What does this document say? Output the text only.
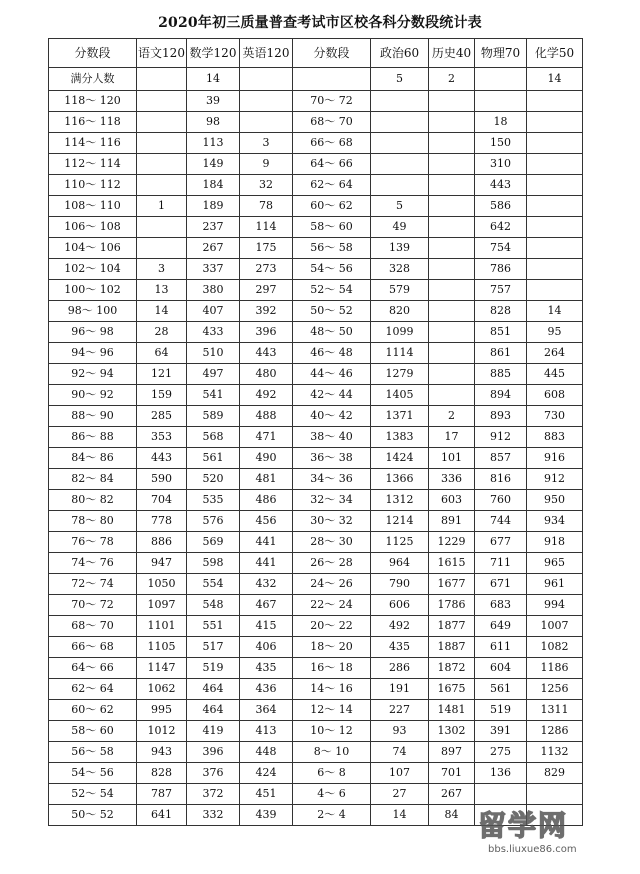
2020年初三质量普查考试市区校各科分数段统计表
分数段	语文120	数学120	英语120	分数段	政治60	历史40	物理70	化学50
满分人数		14			5	2		14
118～ 120		39		70～ 72				
116～ 118		98		68～ 70			18	
114～ 116		113	3	66～ 68			150	
112～ 114		149	9	64～ 66			310	
110～ 112		184	32	62～ 64			443	
108～ 110	1	189	78	60～ 62	5		586	
106～ 108		237	114	58～ 60	49		642	
104～ 106		267	175	56～ 58	139		754	
102～ 104	3	337	273	54～ 56	328		786	
100～ 102	13	380	297	52～ 54	579		757	
98～ 100	14	407	392	50～ 52	820		828	14
96～ 98	28	433	396	48～ 50	1099		851	95
94～ 96	64	510	443	46～ 48	1114		861	264
92～ 94	121	497	480	44～ 46	1279		885	445
90～ 92	159	541	492	42～ 44	1405		894	608
88～ 90	285	589	488	40～ 42	1371	2	893	730
86～ 88	353	568	471	38～ 40	1383	17	912	883
84～ 86	443	561	490	36～ 38	1424	101	857	916
82～ 84	590	520	481	34～ 36	1366	336	816	912
80～ 82	704	535	486	32～ 34	1312	603	760	950
78～ 80	778	576	456	30～ 32	1214	891	744	934
76～ 78	886	569	441	28～ 30	1125	1229	677	918
74～ 76	947	598	441	26～ 28	964	1615	711	965
72～ 74	1050	554	432	24～ 26	790	1677	671	961
70～ 72	1097	548	467	22～ 24	606	1786	683	994
68～ 70	1101	551	415	20～ 22	492	1877	649	1007
66～ 68	1105	517	406	18～ 20	435	1887	611	1082
64～ 66	1147	519	435	16～ 18	286	1872	604	1186
62～ 64	1062	464	436	14～ 16	191	1675	561	1256
60～ 62	995	464	364	12～ 14	227	1481	519	1311
58～ 60	1012	419	413	10～ 12	93	1302	391	1286
56～ 58	943	396	448	8～ 10	74	897	275	1132
54～ 56	828	376	424	6～ 8	107	701	136	829
52～ 54	787	372	451	4～ 6	27	267		
50～ 52	641	332	439	2～ 4	14	84		留学网
bbs.liuxue86.com
